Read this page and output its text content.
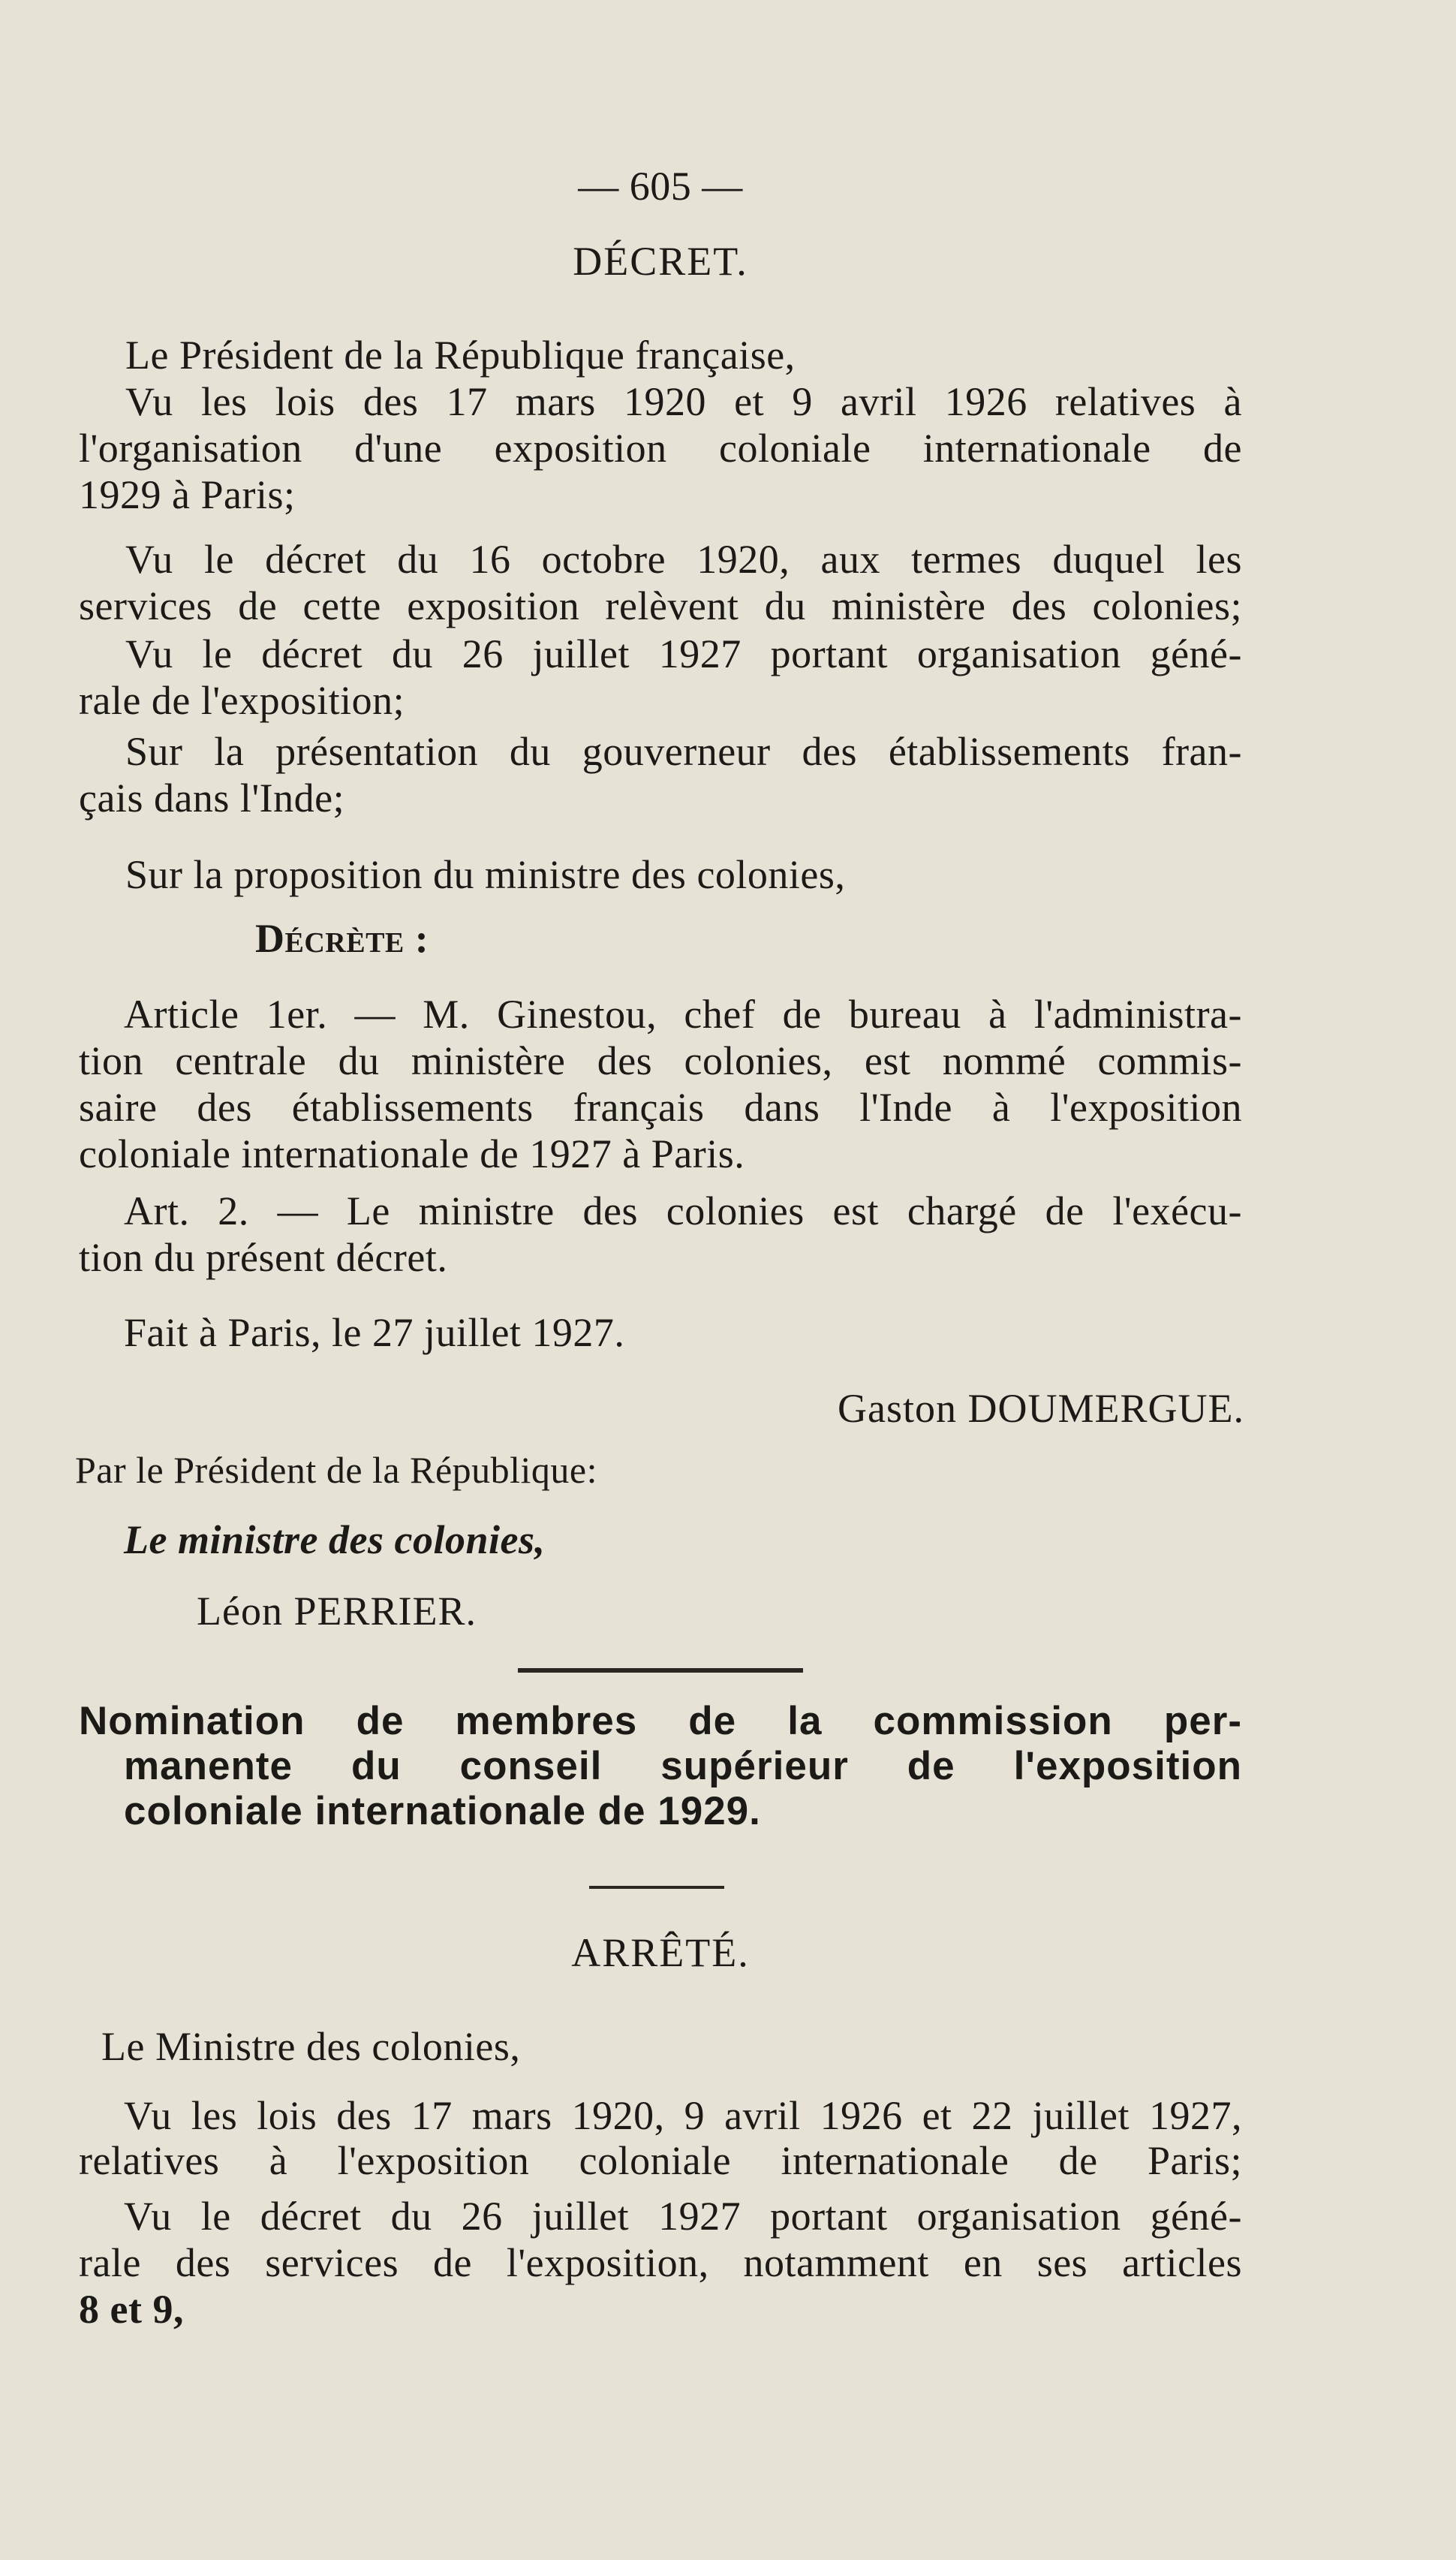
— 605 —
DÉCRET.
Le Président de la République française,
Vu les lois des 17 mars 1920 et 9 avril 1926 relatives à
l'organisation d'une exposition coloniale internationale de
1929 à Paris;
Vu le décret du 16 octobre 1920, aux termes duquel les
services de cette exposition relèvent du ministère des colonies;
Vu le décret du 26 juillet 1927 portant organisation géné-
rale de l'exposition;
Sur la présentation du gouverneur des établissements fran-
çais dans l'Inde;
Sur la proposition du ministre des colonies,
Décrète :
Article 1er. — M. Ginestou, chef de bureau à l'administra-
tion centrale du ministère des colonies, est nommé commis-
saire des établissements français dans l'Inde à l'exposition
coloniale internationale de 1927 à Paris.
Art. 2. — Le ministre des colonies est chargé de l'exécu-
tion du présent décret.
Fait à Paris, le 27 juillet 1927.
Gaston DOUMERGUE.
Par le Président de la République:
Le ministre des colonies,
Léon PERRIER.
Nomination de membres de la commission per-
manente du conseil supérieur de l'exposition
coloniale internationale de 1929.
ARRÊTÉ.
Le Ministre des colonies,
Vu les lois des 17 mars 1920, 9 avril 1926 et 22 juillet 1927,
relatives à l'exposition coloniale internationale de Paris;
Vu le décret du 26 juillet 1927 portant organisation géné-
rale des services de l'exposition, notamment en ses articles
8 et 9,
